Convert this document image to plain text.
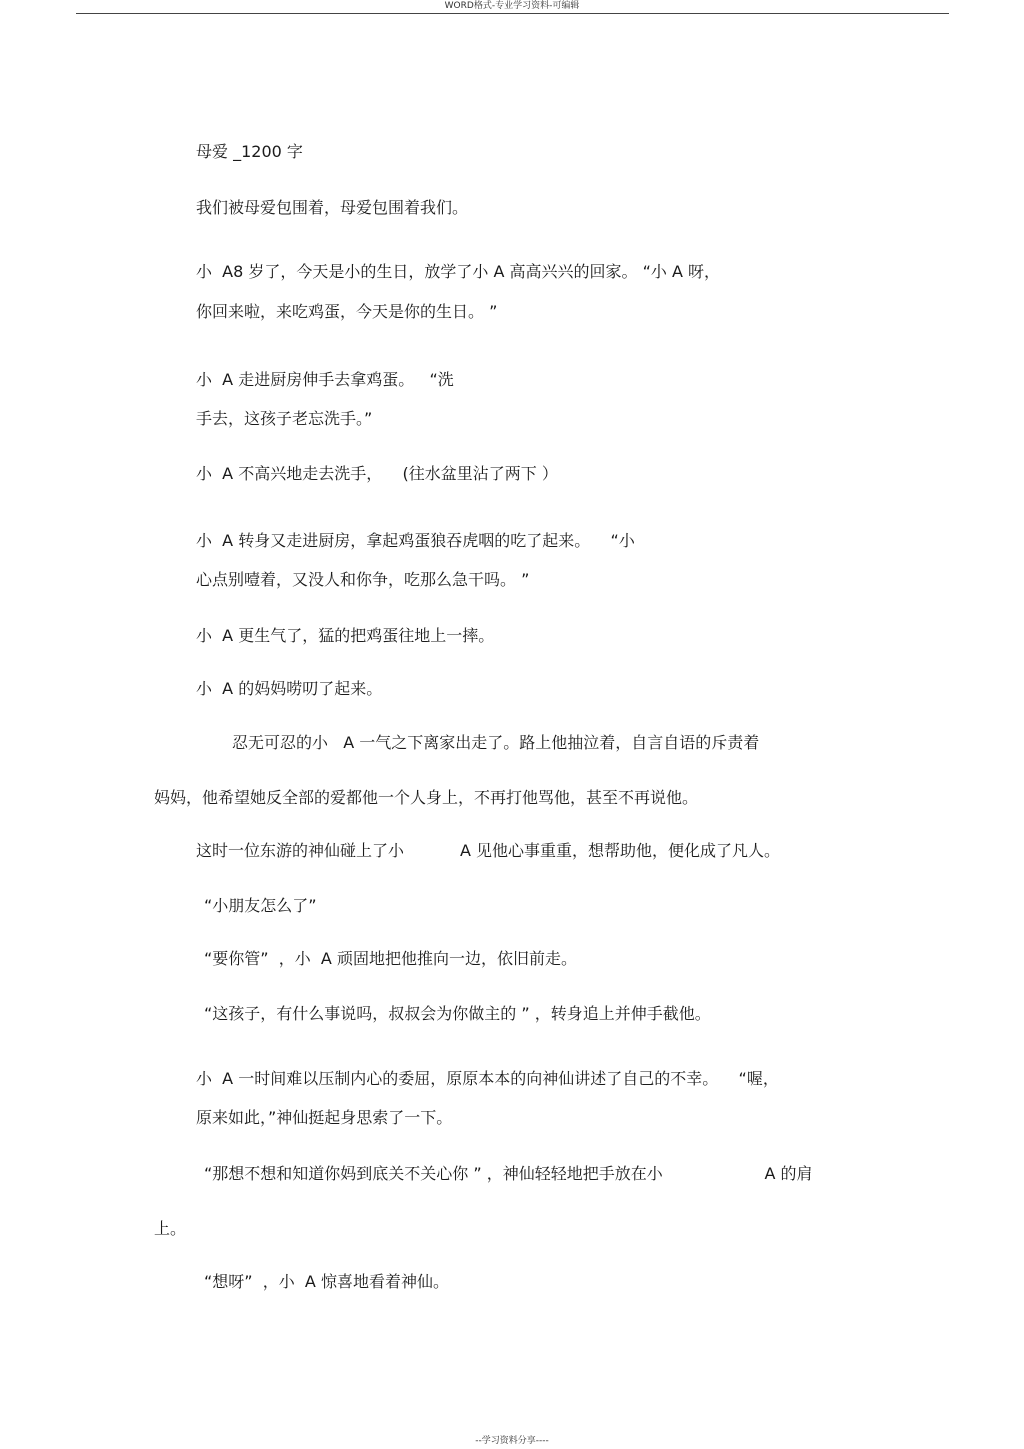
WORD格式-专业学习资料-可编辑
母爱 _1200 字
我们被母爱包围着，母爱包围着我们。
小  A8 岁了，今天是小的生日，放学了小 A 高高兴兴的回家。 “小 A 呀，
你回来啦，来吃鸡蛋，今天是你的生日。 ”
小  A 走进厨房伸手去拿鸡蛋。   “洗
手去，这孩子老忘洗手。”
小  A 不高兴地走去洗手，    (往水盆里沾了两下 ）
小  A 转身又走进厨房，拿起鸡蛋狼吞虎咽的吃了起来。    “小
心点别噎着，又没人和你争，吃那么急干吗。 ”
小  A 更生气了，猛的把鸡蛋往地上一摔。
小  A 的妈妈唠叨了起来。
忍无可忍的小   A 一气之下离家出走了。路上他抽泣着，自言自语的斥责着
妈妈，他希望她反全部的爱都他一个人身上，不再打他骂他，甚至不再说他。
这时一位东游的神仙碰上了小           A 见他心事重重，想帮助他，便化成了凡人。
“小朋友怎么了”
“要你管”  ，小  A 顽固地把他推向一边，依旧前走。
“这孩子，有什么事说吗，叔叔会为你做主的 ” ，转身追上并伸手截他。
小  A 一时间难以压制内心的委屈，原原本本的向神仙讲述了自己的不幸。    “喔，
原来如此，”神仙挺起身思索了一下。
“那想不想和知道你妈到底关不关心你 ” ，神仙轻轻地把手放在小                    A 的肩
上。
“想呀”  ，小  A 惊喜地看着神仙。
--学习资料分享----
